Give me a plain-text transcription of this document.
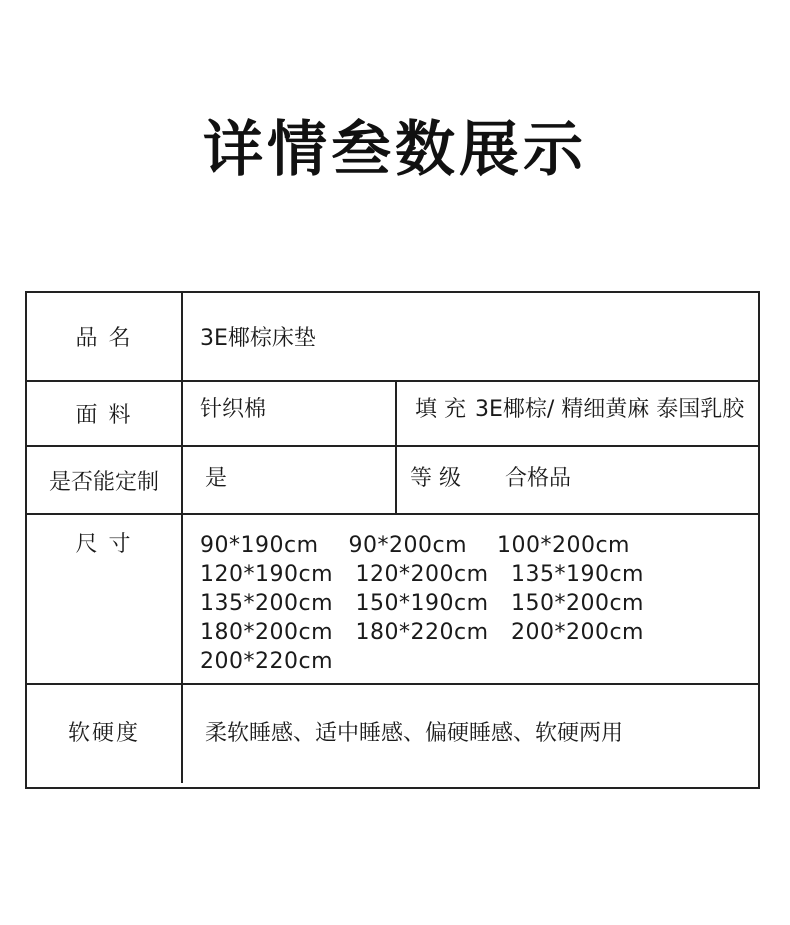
详情叁数展示
品 名	3E椰棕床垫
面 料	针织棉	填 充 3E椰棕/ 精细黄麻 泰国乳胶
是否能定制	是	等 级 合格品
尺 寸	90*190cm    90*200cm    100*200cm
120*190cm   120*200cm   135*190cm
135*200cm   150*190cm   150*200cm
180*200cm   180*220cm   200*200cm
200*220cm
软硬度	柔软睡感、适中睡感、偏硬睡感、软硬两用
